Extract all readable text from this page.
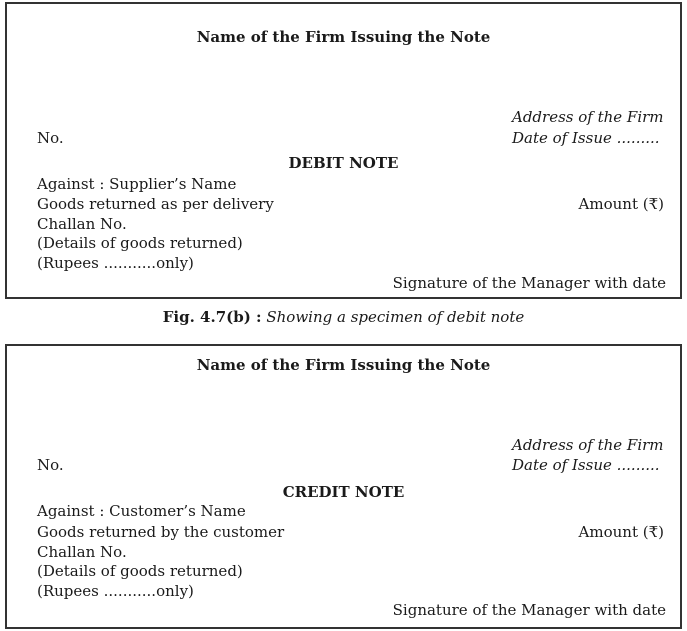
Name of the Firm Issuing the Note
Address of the Firm
No.	Date of Issue .........
DEBIT NOTE
Against : Supplier’s Name
Goods returned as per delivery	Amount (₹)
Challan No.
(Details of goods returned)
(Rupees ...........only)
Signature of the Manager with date
Fig. 4.7(b) : Showing a specimen of debit note
Name of the Firm Issuing the Note
Address of the Firm
No.	Date of Issue .........
CREDIT NOTE
Against : Customer’s Name
Goods returned by the customer	Amount (₹)
Challan No.
(Details of goods returned)
(Rupees ...........only)
Signature of the Manager with date
